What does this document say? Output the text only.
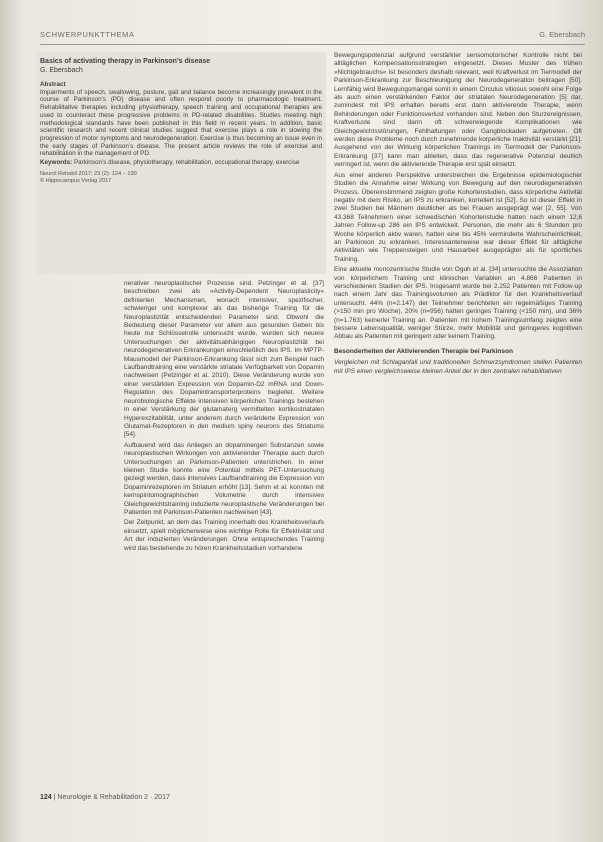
SCHWERPUNKTTHEMA	G. Ebersbach
Basics of activating therapy in Parkinson’s disease
G. Ebersbach
Abstract

Impairments of speech, swallowing, posture, gait and balance become increasingly prevalent in the course of Parkinson’s (PD) disease and often respond poorly to pharmacologic treatment. Rehabilitative therapies including physiotherapy, speech training and occupational therapies are used to counteract these progressive problems in PD-related disabilities. Studies meeting high methodological standards have been published in this field in recent years. In addition, basic scientific research and recent clinical studies suggest that exercise plays a role in slowing the progression of motor symptoms and neurodegeneration. Exercise is thus becoming an issue even in the early stages of Parkinson’s disease. The present article reviews the role of exercise and rehabilitation in the management of PD.

Keywords: Parkinson’s disease, physiotherapy, rehabilitation, occupational therapy, exercise

Neurol Rehabil 2017; 23 (2): 124 – 130
© Hippocampus Verlag 2017

nerativer neuroplastischer Prozesse sind. Petzinger et al. [37] beschreiben zwei als »Activity-Dependent Neuroplasticity« definierten Mechanismen, wonach intensiver, spezifischer, schwieriger und komplexer als das bisherige Training für die Neuroplastizität entscheidenden Parameter sind. Obwohl die Bedeutung dieser Parameter vor allem aus gesunden Geben bis heute nur Schlüsselrolle untersucht wurde, wurden sich neuere Untersuchungen der aktivitätsabhängigen Neuroplastizität bei neurodegenerativen Erkrankungen einschließlich des IPS. Im MPTP-Mausmodell der Parkinson-Erkrankung lässt sich zum Beispiel nach Laufbandtraining eine verstärkte striatale Verfügbarkeit von Dopamin nachweisen (Petzinger et al. 2010). Diese Veränderung wurde von einer verstärkten Expression von Dopamin-D2 mRNA und Down-Regulation des Dopamintransporterproteins begleitet. Weitere neurobiologische Effekte intensiven körperlichen Trainings bestehen in einer Verstärkung der glutamaterg vermittelten kortikostriatalen Hyperexzitabilität, unter anderem durch veränderte Expression von Glutamat-Rezeptoren in den medium spiny neurons des Striatums [54].

Aufbauend wird das Anliegen an dopaminergen Substanzen sowie neuroplastischen Wirkungen von aktivierender Therapie auch durch Untersuchungen an Parkinson-Patienten unterstrichen. In einer kleinen Studie konnte eine Potential mittels PET-Untersuchung gezeigt werden, dass intensives Laufbandtraining die Expression von Dopaminrezeptoren im Striatum erhöht [13]. Sehm et al. konnten mit kernspintomographischen Volumetrie durch intensives Gleichgewichtstraining induzierte neuroplastische Veränderungen bei Patienten mit Parkinson-Patienten nachweisen [43].

Der Zeitpunkt, an dem das Training innerhalb des Krankheitsverlaufs einsetzt, spielt möglicherweise eine wichtige Rolle für Effektivität und Art der induzierten Veränderungen. Ohne entsprechendes Training wird das bestehende zu hören Krankheitsstadium vorhandene

Bewegungspotenzial aufgrund verstärkter sensomotorischer Kontrolle nicht bei alltäglichen Kompensationsstrategien eingesetzt. Dieses Muster des frühen »Nichtgebrauchs« ist besonders deshalb relevant, weil Kraftverlust im Tiermodell der Parkinson-Erkrankung zur Beschleunigung der Neurodegeneration beitragen [50]. Lernfähig wird Bewegungsmangel somit in einem Circulus vitiosus sowohl eine Folge als auch einen verstärkenden Faktor der striatalen Neurodegeneration [5] dar, zumindest mit IPS erhalten bereits erst dann aktivierende Therapie, wenn Behinderungen oder Funktionsverlust vorhanden sind. Neben den Sturzereignissen, Kraftverluste sind dann oft schwerwiegende Komplikationen wie Gleichgewichtsstörungen, Fehlhaltungen oder Gangblockaden aufgetreten. Oft werden diese Probleme noch durch zunehmende korperliche Inaktivität verstärkt [21]. Ausgehend von der Wirkung körperlichen Trainings im Tiermodell der Parkinson-Erkrankung [37] kann man ableiten, dass das regenerative Potenzial deutlich verringert ist, wenn die aktivierende Therapie erst spät einsetzt.

Aus einer anderen Perspektive unterstreichen die Ergebnisse epidemiologischer Studien die Annahme einer Wirkung von Bewegung auf den neurodegenerativen Prozess. Übereinstimmend zeigten große Kohortenstudien, dass körperliche Aktivität negativ mit dem Risiko, an IPS zu erkranken, korreliert ist [52]. So ist dieser Effekt in zwei Studien bei Männern deutlicher als bei Frauen ausgeprägt war [2, 55]. Von 43.368 Teilnehmern einer schwedischen Kohortenstudie hatten nach einem 12,6 Jahren Follow-up 286 ein IPS entwickelt. Personen, die mehr als 6 Stunden pro Woche körperlich aktiv waren, hatten eine bis 45% verminderte Wahrscheinlichkeit, an Parkinson zu erkranken. Interessanterweise war dieser Effekt für alltägliche Aktivitäten wie Treppensteigen und Hausarbeit ausgeprägter als für sportliches Training.

Eine aktuelle monozentrische Studie von Oguh et al. [34] untersuchte die Assoziation von körperlichem Training und klinischen Variablen an 4.866 Patienten in verschiedenen Stadien der IPS. Insgesamt wurde bei 2.252 Patienten mit Follow-up nach einem Jahr das Trainingsvolumen als Prädiktor für den Krankheitsverlauf untersucht. 44% (n=2.147) der Teilnehmer berichteten ein regelmäßiges Training (>150 min pro Woche), 20% (n=956) hatten geringes Training (<150 min), und 36% (n=1.763) keinerlei Training an. Patienten mit hohem Trainingsumfang zeigten eine bessere Lebensqualität, weniger Stürze, mehr Mobilität und geringeres kognitiven Abbau als Patienten mit geringem oder keinem Training.

Besonderheiten der Aktivierenden Therapie bei Parkinson

Vergleichen mit Schlaganfall und traditionellen Schmerzsyndromen stellen Patienten mit IPS einen vergleichsweise kleinen Anteil der in den zentralen rehabilitativen

124 | Neurologie & Rehabilitation 2 · 2017
